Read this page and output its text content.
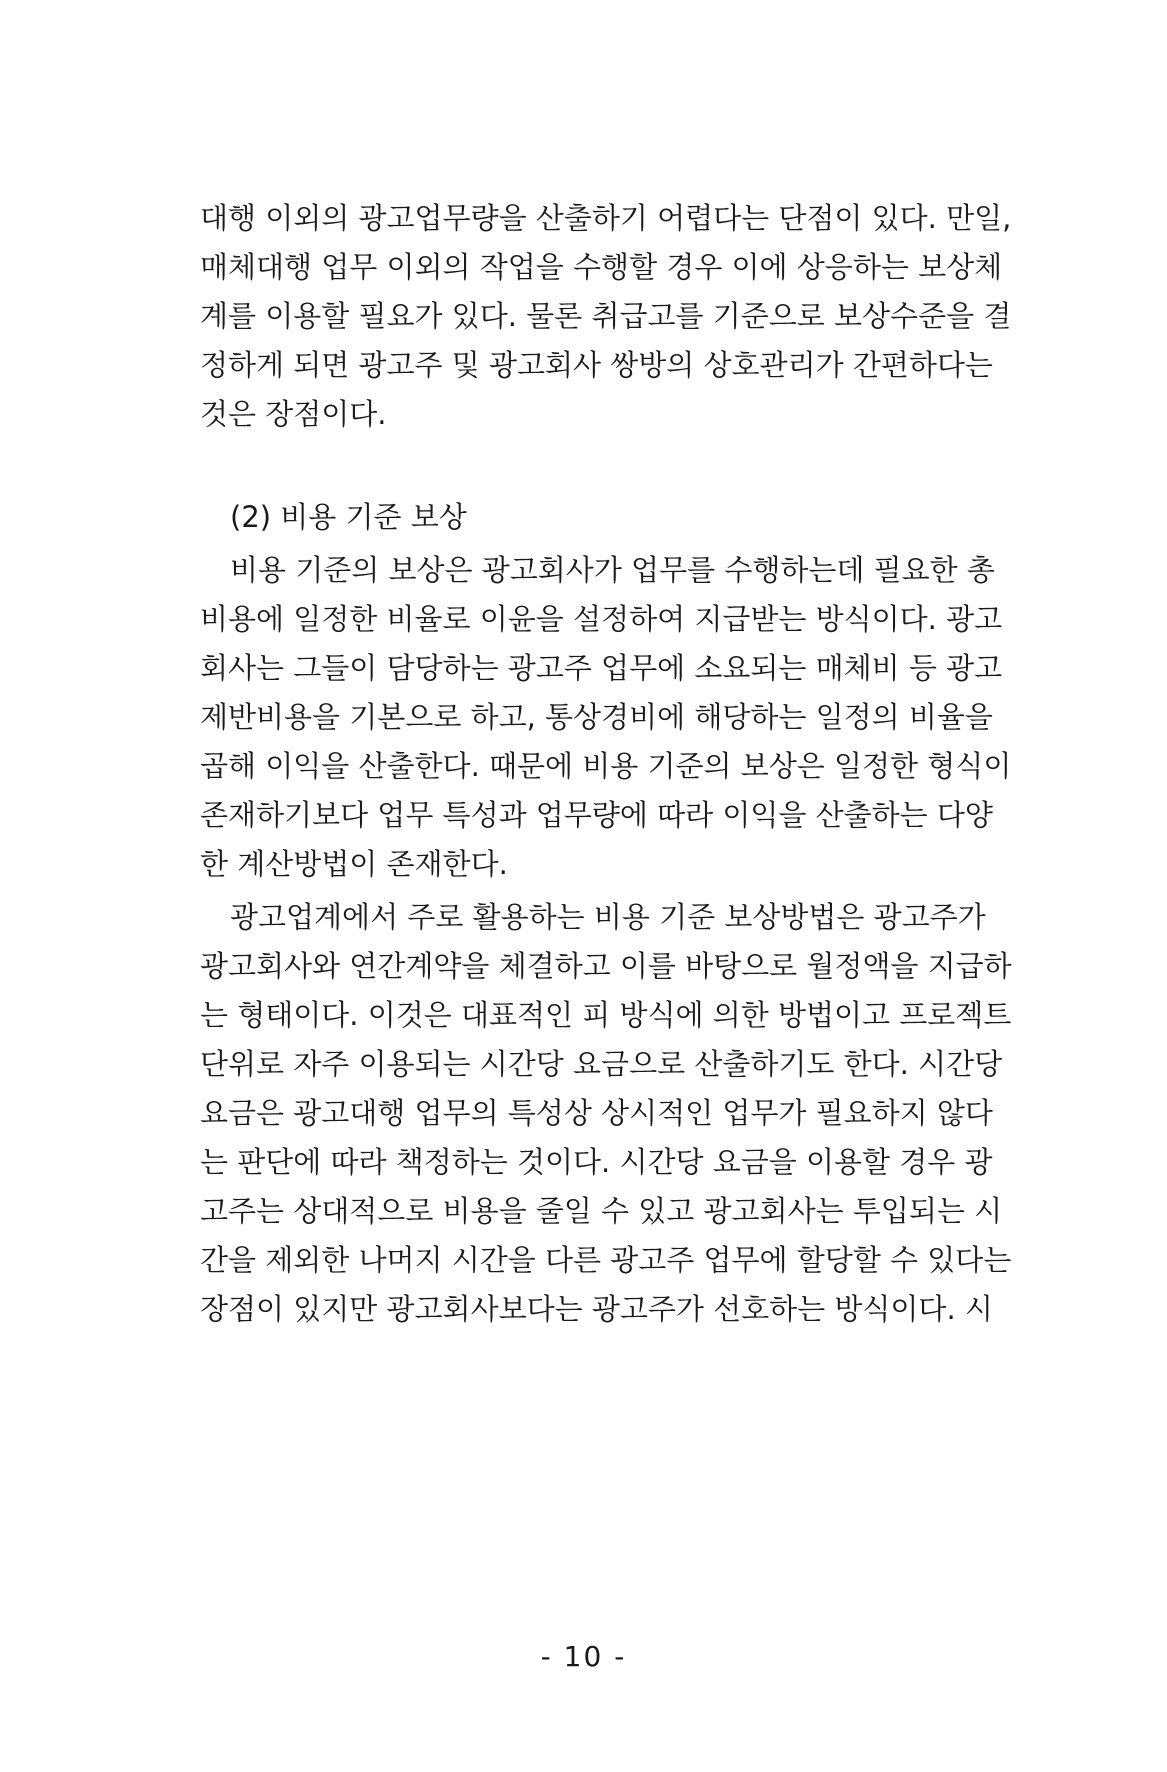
대행 이외의 광고업무량을 산출하기 어렵다는 단점이 있다. 만일,
매체대행 업무 이외의 작업을 수행할 경우 이에 상응하는 보상체
계를 이용할 필요가 있다. 물론 취급고를 기준으로 보상수준을 결
정하게 되면 광고주 및 광고회사 쌍방의 상호관리가 간편하다는
것은 장점이다.
(2) 비용 기준 보상
비용 기준의 보상은 광고회사가 업무를 수행하는데 필요한 총
비용에 일정한 비율로 이윤을 설정하여 지급받는 방식이다. 광고
회사는 그들이 담당하는 광고주 업무에 소요되는 매체비 등 광고
제반비용을 기본으로 하고, 통상경비에 해당하는 일정의 비율을
곱해 이익을 산출한다. 때문에 비용 기준의 보상은 일정한 형식이
존재하기보다 업무 특성과 업무량에 따라 이익을 산출하는 다양
한 계산방법이 존재한다.
광고업계에서 주로 활용하는 비용 기준 보상방법은 광고주가
광고회사와 연간계약을 체결하고 이를 바탕으로 월정액을 지급하
는 형태이다. 이것은 대표적인 피 방식에 의한 방법이고 프로젝트
단위로 자주 이용되는 시간당 요금으로 산출하기도 한다. 시간당
요금은 광고대행 업무의 특성상 상시적인 업무가 필요하지 않다
는 판단에 따라 책정하는 것이다. 시간당 요금을 이용할 경우 광
고주는 상대적으로 비용을 줄일 수 있고 광고회사는 투입되는 시
간을 제외한 나머지 시간을 다른 광고주 업무에 할당할 수 있다는
장점이 있지만 광고회사보다는 광고주가 선호하는 방식이다. 시
- 10 -
